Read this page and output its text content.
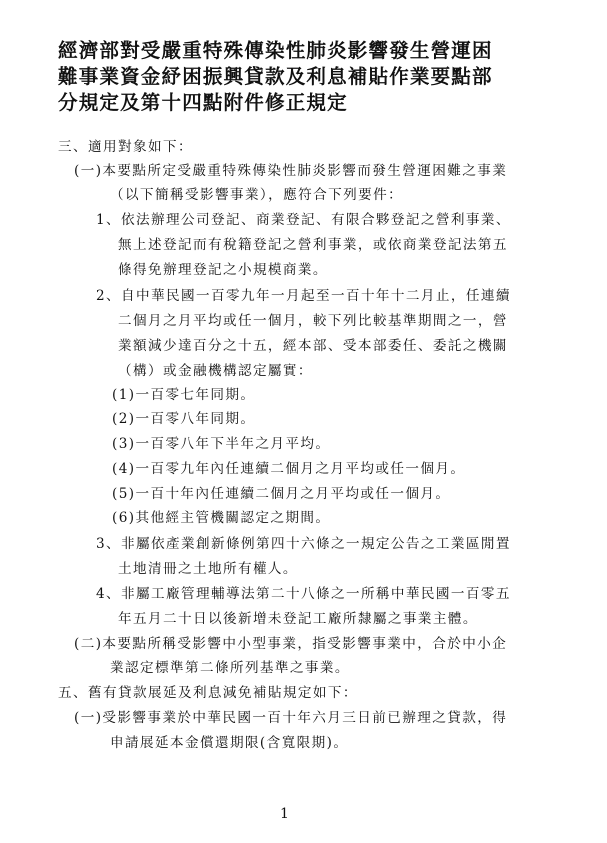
經濟部對受嚴重特殊傳染性肺炎影響發生營運困
難事業資金紓困振興貸款及利息補貼作業要點部
分規定及第十四點附件修正規定
三、適用對象如下：
(一)本要點所定受嚴重特殊傳染性肺炎影響而發生營運困難之事業
（以下簡稱受影響事業），應符合下列要件：
1、依法辦理公司登記、商業登記、有限合夥登記之營利事業、
無上述登記而有稅籍登記之營利事業，或依商業登記法第五
條得免辦理登記之小規模商業。
2、自中華民國一百零九年一月起至一百十年十二月止，任連續
二個月之月平均或任一個月，較下列比較基準期間之一，營
業額減少達百分之十五，經本部、受本部委任、委託之機關
（構）或金融機構認定屬實：
(1)一百零七年同期。
(2)一百零八年同期。
(3)一百零八年下半年之月平均。
(4)一百零九年內任連續二個月之月平均或任一個月。
(5)一百十年內任連續二個月之月平均或任一個月。
(6)其他經主管機關認定之期間。
3、非屬依產業創新條例第四十六條之一規定公告之工業區閒置
土地清冊之土地所有權人。
4、非屬工廠管理輔導法第二十八條之一所稱中華民國一百零五
年五月二十日以後新增未登記工廠所隸屬之事業主體。
(二)本要點所稱受影響中小型事業，指受影響事業中，合於中小企
業認定標準第二條所列基準之事業。
五、舊有貸款展延及利息減免補貼規定如下：
(一)受影響事業於中華民國一百十年六月三日前已辦理之貸款，得
申請展延本金償還期限(含寬限期)。
1
